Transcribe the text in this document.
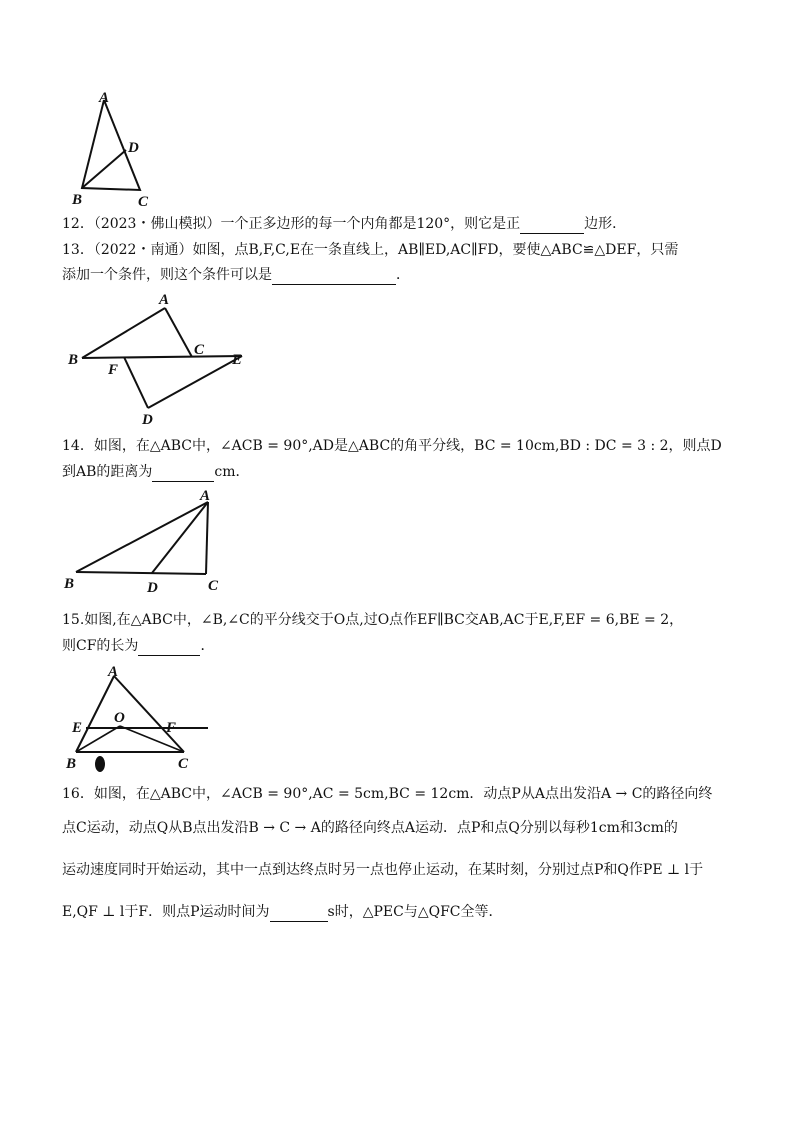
A
D
B	C
12．（2023・佛山模拟）一个正多边形的每一个内角都是120°，则它是正	边形．
13．（2022・南通）如图，点B,F,C,E在一条直线上，AB∥ED,AC∥FD，要使△ABC≌△DEF，只需
添加一个条件，则这个条件可以是	．
A
B
C
F
E
D
14．如图，在△ABC中，∠ACB = 90°,AD是△ABC的角平分线，BC = 10cm,BD : DC = 3 : 2，则点D
到AB的距离为	cm．
A
B	D	C
15.如图,在△ABC中，∠B,∠C的平分线交于O点,过O点作EF∥BC交AB,AC于E,F,EF = 6,BE = 2，
则CF的长为	．
A
O
E	F
B	C
16．如图，在△ABC中，∠ACB = 90°,AC = 5cm,BC = 12cm．动点P从A点出发沿A → C的路径向终
点C运动，动点Q从B点出发沿B → C → A的路径向终点A运动．点P和点Q分别以每秒1cm和3cm的
运动速度同时开始运动，其中一点到达终点时另一点也停止运动，在某时刻，分别过点P和Q作PE ⊥ l于
E,QF ⊥ l于F．则点P运动时间为	s时，△PEC与△QFC全等．
